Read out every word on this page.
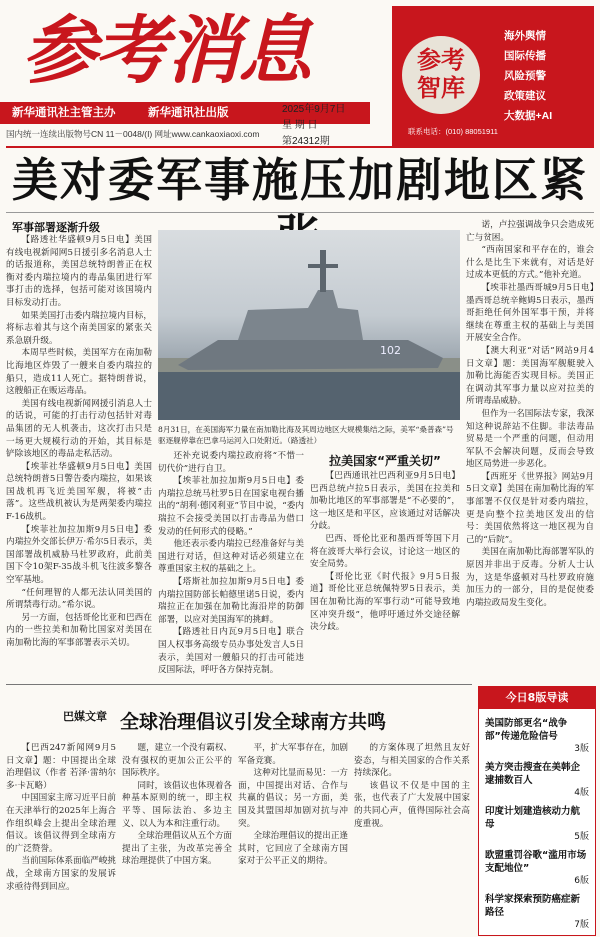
参考消息
新华通讯社主管主办	新华通讯社出版	2025年9月7日
星 期 日
第24312期
国内统一连续出版物号CN 11－0048/(I) 网址www.cankaoxiaoxi.com
参考智库
海外舆情
国际传播
风险预警
政策建议
大数据+AI
联系电话：(010) 88051911
美对委军事施压加剧地区紧
军事部署逐渐升级

【路透社华盛顿9月5日电】美国有线电视新闻网5日援引多名消息人士的话报道称，美国总统特朗普正在权衡对委内瑞拉境内的毒品集团进行军事打击的选择，包括可能对该国境内目标发动打击。

如果美国打击委内瑞拉境内目标，将标志着其与这个南美国家的紧张关系急剧升级。

本周早些时候，美国军方在南加勒比海地区炸毁了一艘来自委内瑞拉的船只，造成11人死亡。据特朗普说，这艘船正在贩运毒品。

美国有线电视新闻网援引消息人士的话说，可能的打击行动包括针对毒品集团的无人机袭击，这次打击只是一场更大规模行动的开始，其目标是铲除该地区的毒品走私活动。

【埃菲社华盛顿9月5日电】美国总统特朗普5日警告委内瑞拉，如果该国战机再飞近美国军舰，将被“击落”。这些战机被认为是两架委内瑞拉F-16战机。

【埃菲社加拉加斯9月5日电】委内瑞拉外交部长伊万·希尔5日表示，美国部署战机威胁马杜罗政府，此前美国下令10架F-35战斗机飞往波多黎各空军基地。

“任何理智的人都无法认同美国的所谓禁毒行动。”希尔说。

另一方面，包括哥伦比亚和巴西在内的一些拉美和加勒比国家对美国在南加勒比海的军事部署表示关切。

102
8月31日，在美国海军力量在南加勒比海及其周边地区大规模集结之际，美军“桑普森”号驱逐舰停靠在巴拿马运河入口处附近。（路透社）

还补充说委内瑞拉政府将“不惜一切代价”进行自卫。

【埃菲社加拉加斯9月5日电】委内瑞拉总统马杜罗5日在国家电视台播出的“胡利·德冈利亚”节目中说，“委内瑞拉不会接受美国以打击毒品为借口发动的任何形式的侵略。”

他还表示委内瑞拉已经准备好与美国进行对话，但这种对话必须建立在尊重国家主权的基础之上。

【塔斯社加拉加斯9月5日电】委内瑞拉国防部长帕德里诺5日说，委内瑞拉正在加强在加勒比海沿岸的防御部署，以应对美国海军的挑衅。

【路透社日内瓦9月5日电】联合国人权事务高级专员办事处发言人5日表示，美国对一艘船只的打击可能违反国际法，呼吁各方保持克制。

拉美国家“严重关切”

【巴西通讯社巴西利亚9月5日电】巴西总统卢拉5日表示，美国在拉美和加勒比地区的军事部署是“不必要的”，这一地区是和平区，应该通过对话解决分歧。

巴西、哥伦比亚和墨西哥等国下月将在波哥大举行会议，讨论这一地区的安全局势。

【哥伦比亚《时代报》9月5日报道】哥伦比亚总统佩特罗5日表示，美国在加勒比海的军事行动“可能导致地区冲突升级”，他呼吁通过外交途径解决分歧。

诺，卢拉强调战争只会造成死亡与贫困。

“西南国家和平存在的，谁会什么是比生下来就有，对话是好过成本更低的方式。”他补充道。

【埃菲社墨西哥城9月5日电】墨西哥总统辛鲍姆5日表示，墨西哥拒绝任何外国军事干预，并将继续在尊重主权的基础上与美国开展安全合作。

【澳大利亚“对话”网站9月4日文章】题：美国海军舰艇驶入加勒比海能否实现目标。美国正在调动其军事力量以应对拉美的所谓毒品威胁。

但作为一名国际法专家，我深知这种说辞站不住脚。非法毒品贸易是一个严重的问题，但动用军队不会解决问题，反而会导致地区局势进一步恶化。

【西班牙《世界报》网站9月5日文章】美国在南加勒比海的军事部署不仅仅是针对委内瑞拉，更是向整个拉美地区发出的信号：美国依然将这一地区视为自己的“后院”。

美国在南加勒比海部署军队的原因并非出于反毒。分析人士认为，这是华盛顿对马杜罗政府施加压力的一部分，目的是促使委内瑞拉政局发生变化。

巴媒文章 全球治理倡议引发全球南方共鸣

【巴西247新闻网9月5日文章】题：中国提出全球治理倡议（作者 若泽·雷纳尔多·卡瓦略）

中国国家主席习近平日前在天津举行的2025年上海合作组织峰会上提出全球治理倡议。该倡议得到全球南方的广泛赞誉。

当前国际体系面临严峻挑战，全球南方国家的发展诉求亟待得到回应。

题，建立一个没有霸权、没有强权的更加公正公平的国际秩序。

同时，该倡议也体现着各种基本原则的统一，即主权平等、国际法治、多边主义、以人为本和注重行动。

全球治理倡议从五个方面提出了主张，为改革完善全球治理提供了中国方案。

平，扩大军事存在，加剧军备竞赛。

这种对比显而易见：一方面，中国提出对话、合作与共赢的倡议；另一方面，美国及其盟国却加剧对抗与冲突。

全球治理倡议的提出正逢其时，它回应了全球南方国家对于公平正义的期待。

的方案体现了坦然且友好姿态，与相关国家的合作关系持续深化。

该倡议不仅是中国的主张，也代表了广大发展中国家的共同心声，值得国际社会高度重视。

今日8版导读
美国防部更名“战争部”传递危险信号
3版
美方突击搜查在美韩企逮捕数百人
4版
印度计划建造核动力航母
5版
欧盟重罚谷歌“滥用市场支配地位”
6版
科学家探索预防癌症新路径
7版
